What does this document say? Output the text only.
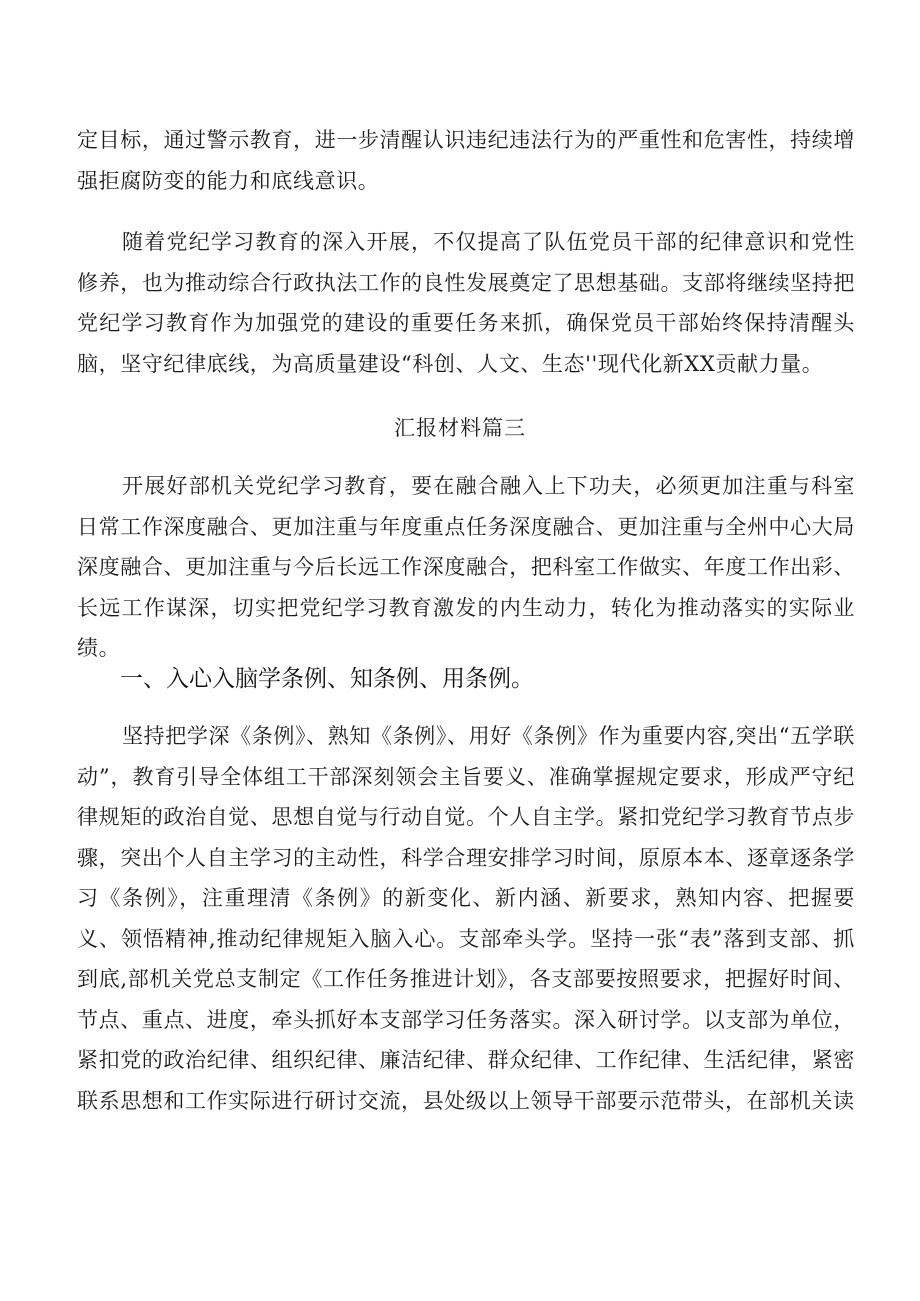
定目标，通过警示教育，进一步清醒认识违纪违法行为的严重性和危害性，持续增强拒腐防变的能力和底线意识。

随着党纪学习教育的深入开展，不仅提高了队伍党员干部的纪律意识和党性修养，也为推动综合行政执法工作的良性发展奠定了思想基础。支部将继续坚持把党纪学习教育作为加强党的建设的重要任务来抓，确保党员干部始终保持清醒头脑，坚守纪律底线，为高质量建设“科创、人文、生态''现代化新XX贡献力量。

汇报材料篇三

开展好部机关党纪学习教育，要在融合融入上下功夫，必须更加注重与科室日常工作深度融合、更加注重与年度重点任务深度融合、更加注重与全州中心大局深度融合、更加注重与今后长远工作深度融合，把科室工作做实、年度工作出彩、长远工作谋深，切实把党纪学习教育激发的内生动力，转化为推动落实的实际业绩。

一、入心入脑学条例、知条例、用条例。

坚持把学深《条例》、熟知《条例》、用好《条例》作为重要内容,突出“五学联动”，教育引导全体组工干部深刻领会主旨要义、准确掌握规定要求，形成严守纪律规矩的政治自觉、思想自觉与行动自觉。个人自主学。紧扣党纪学习教育节点步骤，突出个人自主学习的主动性，科学合理安排学习时间，原原本本、逐章逐条学习《条例》，注重理清《条例》的新变化、新内涵、新要求，熟知内容、把握要义、领悟精神,推动纪律规矩入脑入心。支部牵头学。坚持一张“表”落到支部、抓到底,部机关党总支制定《工作任务推进计划》，各支部要按照要求，把握好时间、节点、重点、进度，牵头抓好本支部学习任务落实。深入研讨学。以支部为单位，紧扣党的政治纪律、组织纪律、廉洁纪律、群众纪律、工作纪律、生活纪律，紧密联系思想和工作实际进行研讨交流，县处级以上领导干部要示范带头，在部机关读
